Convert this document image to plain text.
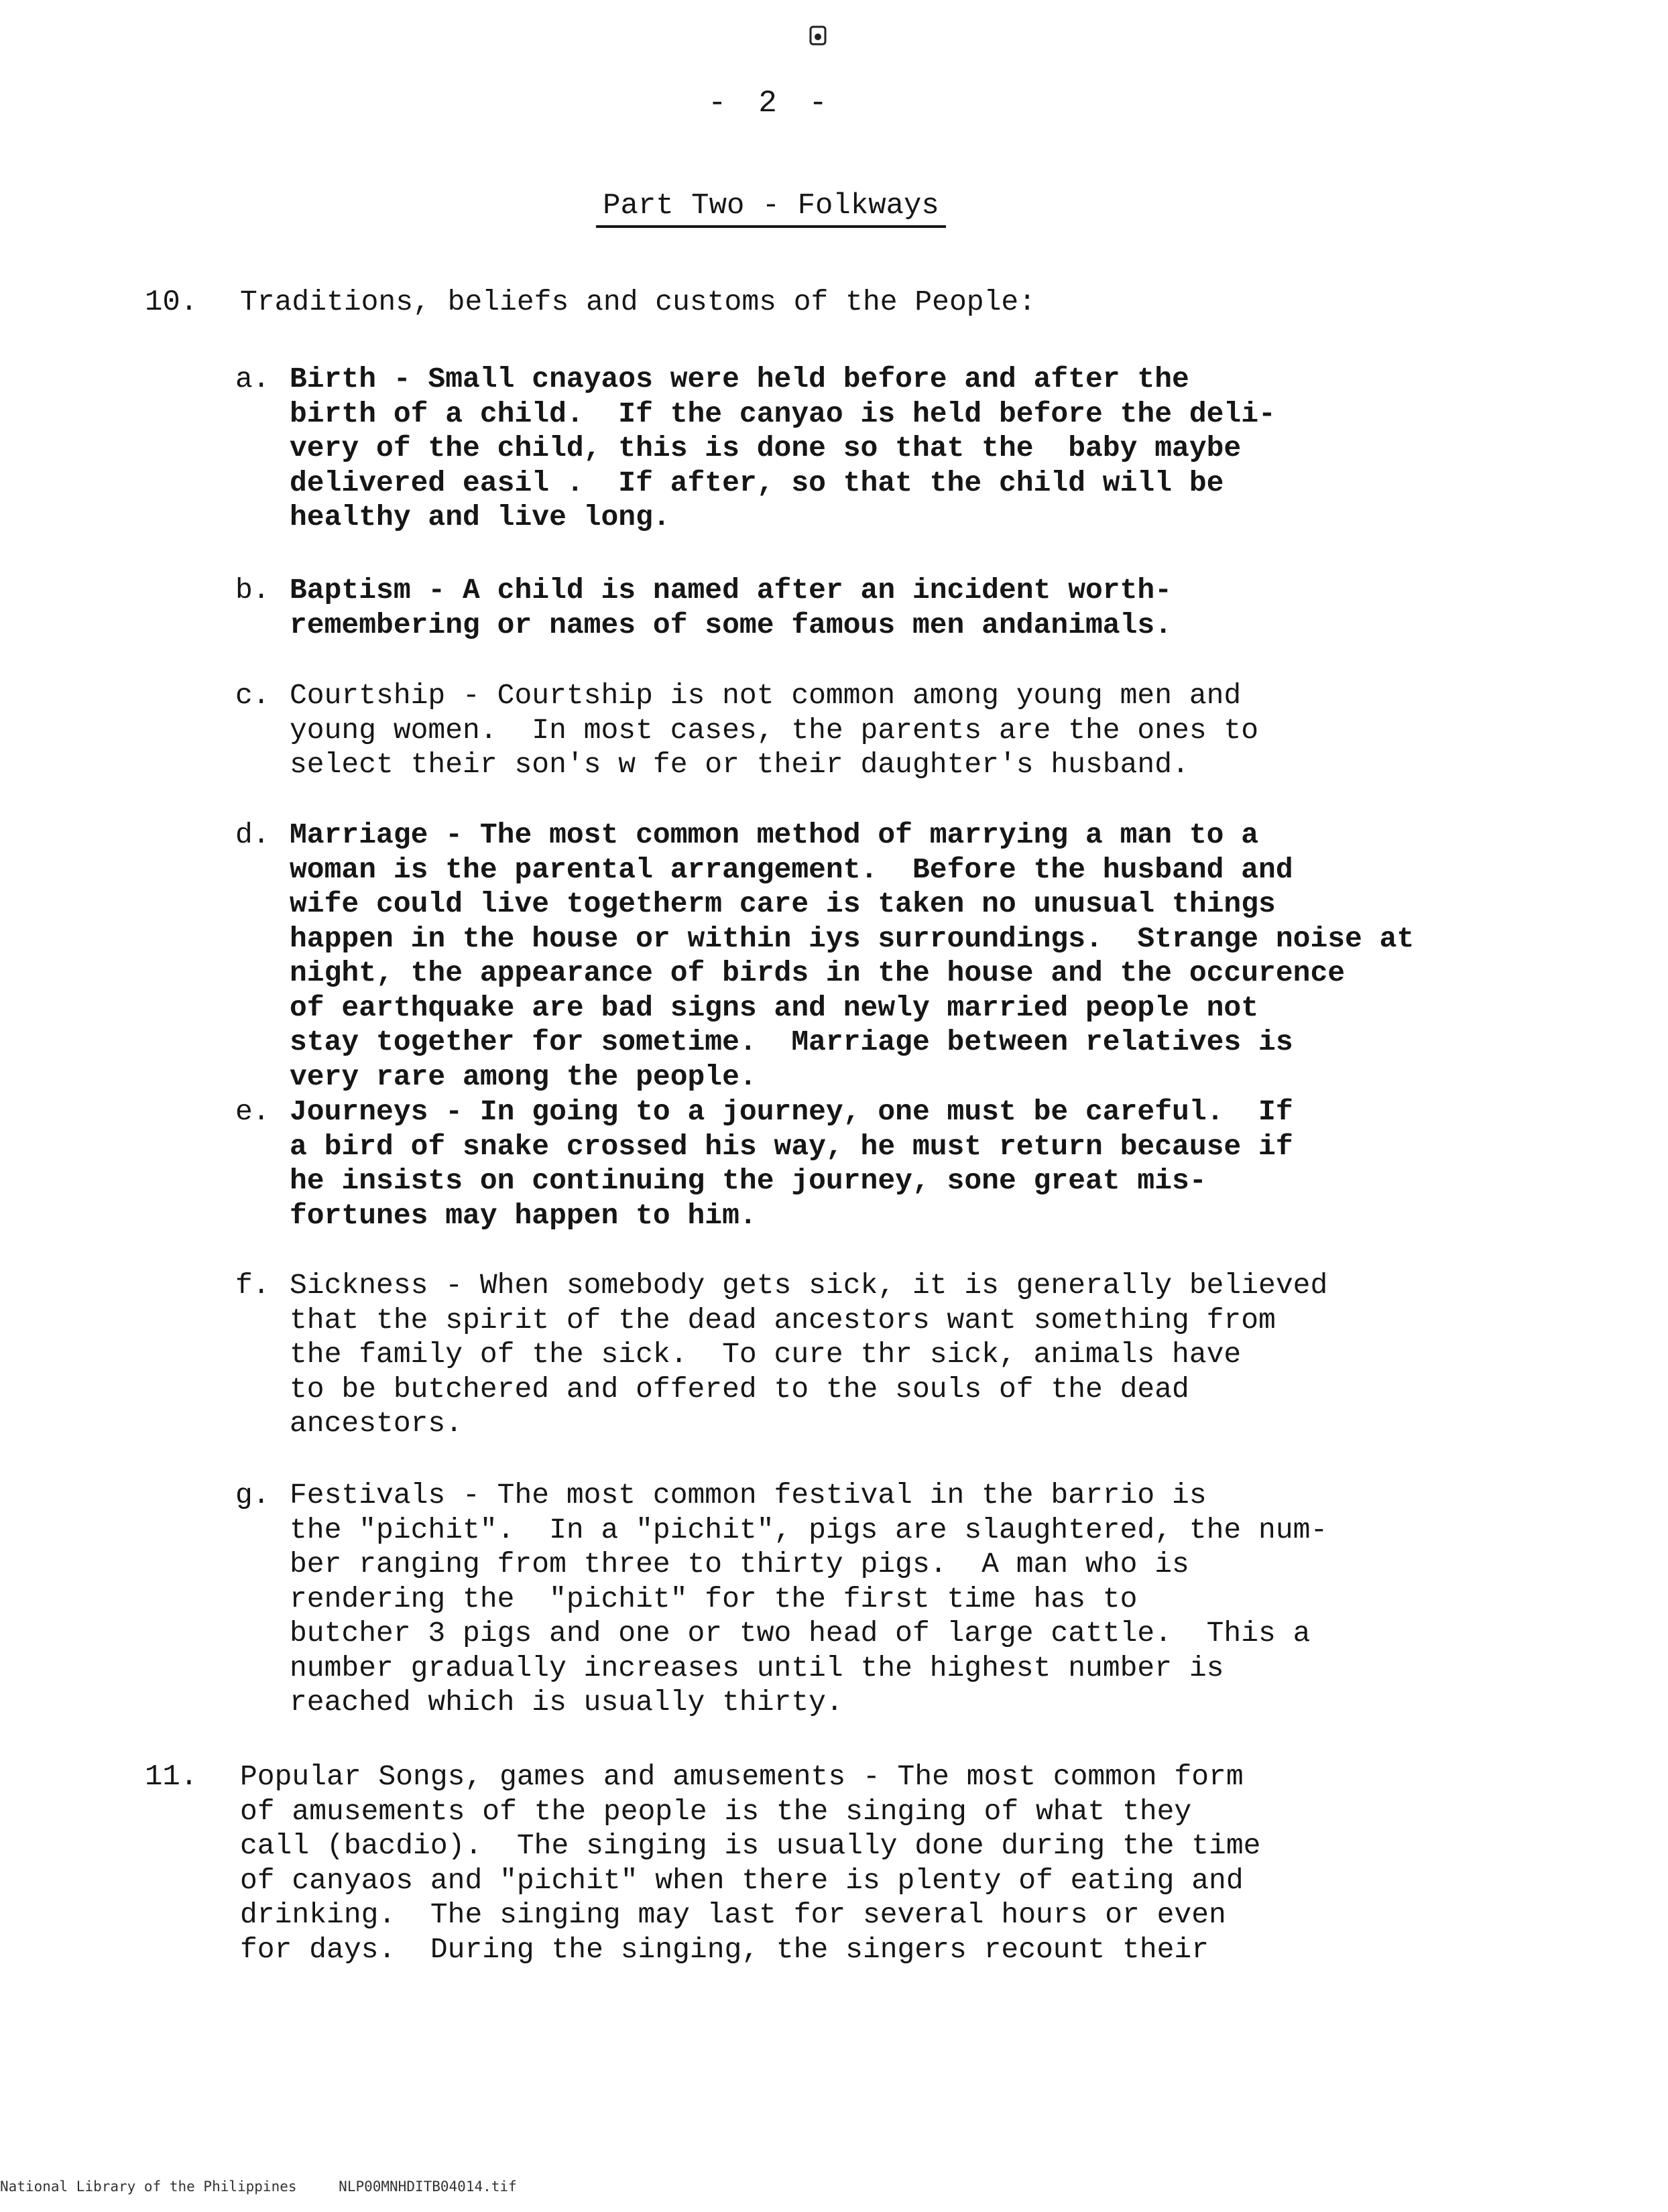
- 2 -
Part Two - Folkways
10.	Traditions, beliefs and customs of the People:
a. Birth - Small cnayaos were held before and after the
birth of a child.  If the canyao is held before the deli-
very of the child, this is done so that the  baby maybe
delivered easil .  If after, so that the child will be
healthy and live long.
b. Baptism - A child is named after an incident worth-
remembering or names of some famous men andanimals.
c. Courtship - Courtship is not common among young men and
young women.  In most cases, the parents are the ones to
select their son's w fe or their daughter's husband.
d. Marriage - The most common method of marrying a man to a
woman is the parental arrangement.  Before the husband and
wife could live togetherm care is taken no unusual things
happen in the house or within iys surroundings.  Strange noise at
night, the appearance of birds in the house and the occurence
of earthquake are bad signs and newly married people not
stay together for sometime.  Marriage between relatives is
very rare among the people.
e. Journeys - In going to a journey, one must be careful.  If
a bird of snake crossed his way, he must return because if
he insists on continuing the journey, sone great mis-
fortunes may happen to him.
f. Sickness - When somebody gets sick, it is generally believed
that the spirit of the dead ancestors want something from
the family of the sick.  To cure thr sick, animals have
to be butchered and offered to the souls of the dead
ancestors.
g. Festivals - The most common festival in the barrio is
the "pichit".  In a "pichit", pigs are slaughtered, the num-
ber ranging from three to thirty pigs.  A man who is
rendering the  "pichit" for the first time has to
butcher 3 pigs and one or two head of large cattle.  This a
number gradually increases until the highest number is
reached which is usually thirty.
11.	Popular Songs, games and amusements - The most common form
of amusements of the people is the singing of what they
call (bacdio).  The singing is usually done during the time
of canyaos and "pichit" when there is plenty of eating and
drinking.  The singing may last for several hours or even
for days.  During the singing, the singers recount their
National Library of the Philippines	NLP00MNHDITB04014.tif
